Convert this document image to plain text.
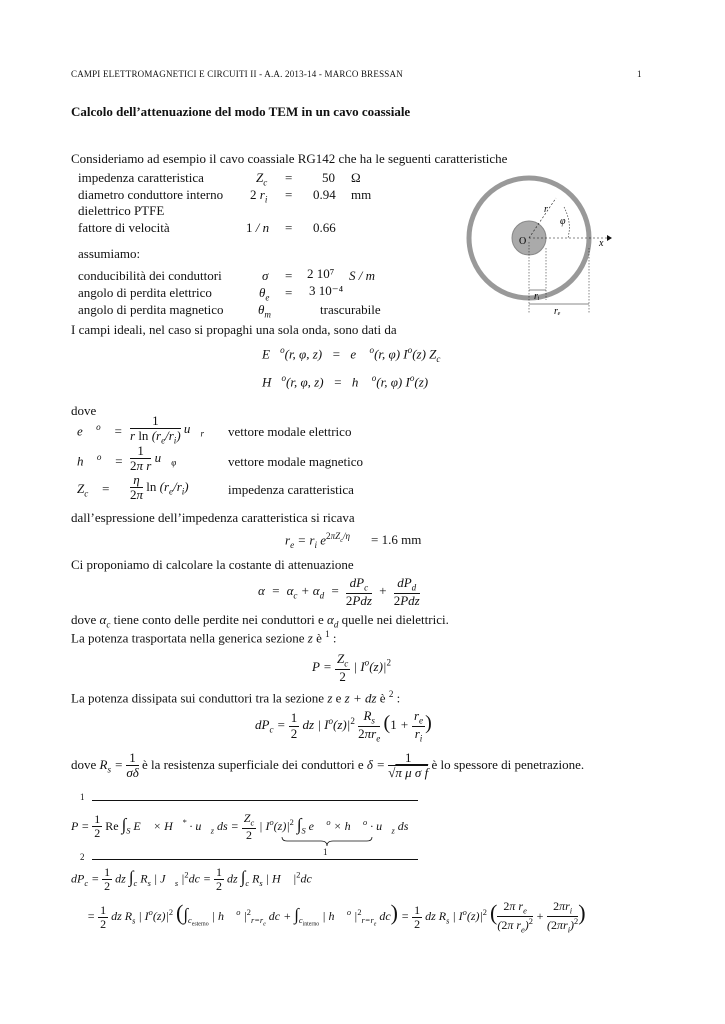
CAMPI ELETTROMAGNETICI E CIRCUITI II - A.A. 2013-14 - MARCO BRESSAN	1
Calcolo dell’attenuazione del modo TEM in un cavo coassiale
Consideriamo ad esempio il cavo coassiale RG142 che ha le seguenti caratteristiche
impedenza caratteristica	$Z_c = 50$ Ω
diametro conduttore interno 2 $r_i = 0.94$ mm
dielettrico PTFE
fattore di velocità	1 / n = 0.66
assumiamo:
conducibilità dei conduttori	σ = 2 10⁷ S / m
angolo di perdita elettrico	$\theta_e = 3$ 10⁻⁴
angolo di perdita magnetico	$\theta_m$	trascurabile
r
φ
O	x
rᵢ
rₑ
I campi ideali, nel caso si propaghi una sola onda, sono dati da
E⃗$^o$(r, φ, z)   =   e⃗ $^o$(r, φ) $I^o(z)$ $Z_c$
H⃗$^o$(r, φ, z)   =   h⃗ $^o$(r, φ) $I^o(z)$
dove
e⃗ $^o$    = $\frac{1}{r \ln (r_e/r_i)}$ $u⃗_r$ vettore modale elettrico
h⃗ $^o$    = $\frac{1}{\text{2π r}}$ $u⃗_\varphi$	vettore modale magnetico
$Z_c$    = $\frac{\eta}{2\pi}$ $\ln (r_e/r_i)$	impedenza caratteristica
dall’espressione dell’impedenza caratteristica si ricava
$r_e = r_i$ $e^{2\pi Z_c/\eta} = 1.6$ mm
Ci proponiamo di calcolare la costante di attenuazione
$\alpha = \alpha_c + \alpha_d = \frac{dP_c}{\text{2Pdz}} + \frac{dP_d}{\text{2Pdz}}$
dove $\alpha_c$ tiene conto delle perdite nei conduttori e $\alpha_d$ quelle nei dielettrici.
La potenza trasportata nella generica sezione z è $^1$ :
$P = \frac{Z_c}{2}$ | $I^o(z)|^2$
La potenza dissipata sui conduttori tra la sezione z e z + dz è $^2$ :
$dP_c = \frac{1}{2}$ dz | $I^o(z)|^2 \frac{R_s}{2\pi r_e} (1 + \frac{r_e}{r_i}$ )
dove $R_s = \frac{1}{\sigma\delta}$ è la resistenza superficiale dei conduttori e $\delta = \frac{1}{\text{√π μ σ f}}$ è lo spessore di penetrazione.
1
$P = \frac{1}{2}$ Re $\int_S$ E⃗ × H⃗* · $u⃗_z$ ds = $\frac{Z_c}{2}$ | $I^o(z)|^2$ $\int_S$ e⃗ $^o$ × h⃗ $^o \cdot u⃗_z$ ds
1
2
$dP_c = \frac{1}{2}$ dz $\int_c$ $R_s$ | $J⃗_s$ $|^2dc = \frac{1}{2}$ dz $\int_c$ $R_s$ | H⃗ $|^2dc$
= $\frac{1}{2}$ dz $R_s$ | $I^o(z)|^2$ ($\int_{c_{esterno}}$ | h⃗ $^o$ $|^2_{r=r_e}$ dc + $\int_{c_{interno}}$ | h⃗ $^o$ $|^2_{r=r_e}$ $dc) = \frac{1}{2}$ dz $R_s$ | $I^o(z)|^2$ ( $\frac{2\pi r_e}{(2\pi r_e)^2} + \frac{2\pi r_i}{(2\pi r_i)^2}$ )
